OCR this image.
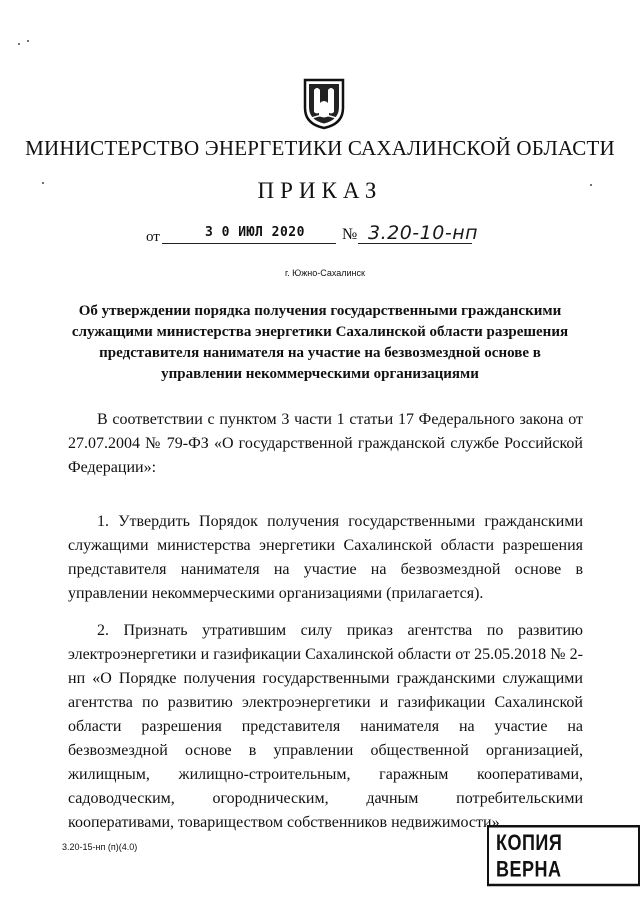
МИНИСТЕРСТВО ЭНЕРГЕТИКИ САХАЛИНСКОЙ ОБЛАСТИ
ПРИКАЗ
от	3 0 ИЮЛ 2020 № 3.20-10-нп
г. Южно-Сахалинск
Об утверждении порядка получения государственными гражданскими служащими министерства энергетики Сахалинской области разрешения представителя нанимателя на участие на безвозмездной основе в управлении некоммерческими организациями
В соответствии с пунктом 3 части 1 статьи 17 Федерального закона от 27.07.2004 № 79-ФЗ «О государственной гражданской службе Российской Федерации»:
1. Утвердить Порядок получения государственными гражданскими служащими министерства энергетики Сахалинской области разрешения представителя нанимателя на участие на безвозмездной основе в управлении некоммерческими организациями (прилагается).
2. Признать утратившим силу приказ агентства по развитию электроэнергетики и газификации Сахалинской области от 25.05.2018 № 2-нп «О Порядке получения государственными гражданскими служащими агентства по развитию электроэнергетики и газификации Сахалинской области разрешения представителя нанимателя на участие на безвозмездной основе в управлении общественной организацией, жилищным, жилищно-строительным, гаражным кооперативами, садоводческим, огородническим, дачным потребительскими кооперативами, товариществом собственников недвижимости».
3.20-15-нп (п)(4.0)	КОПИЯ ВЕРНА
